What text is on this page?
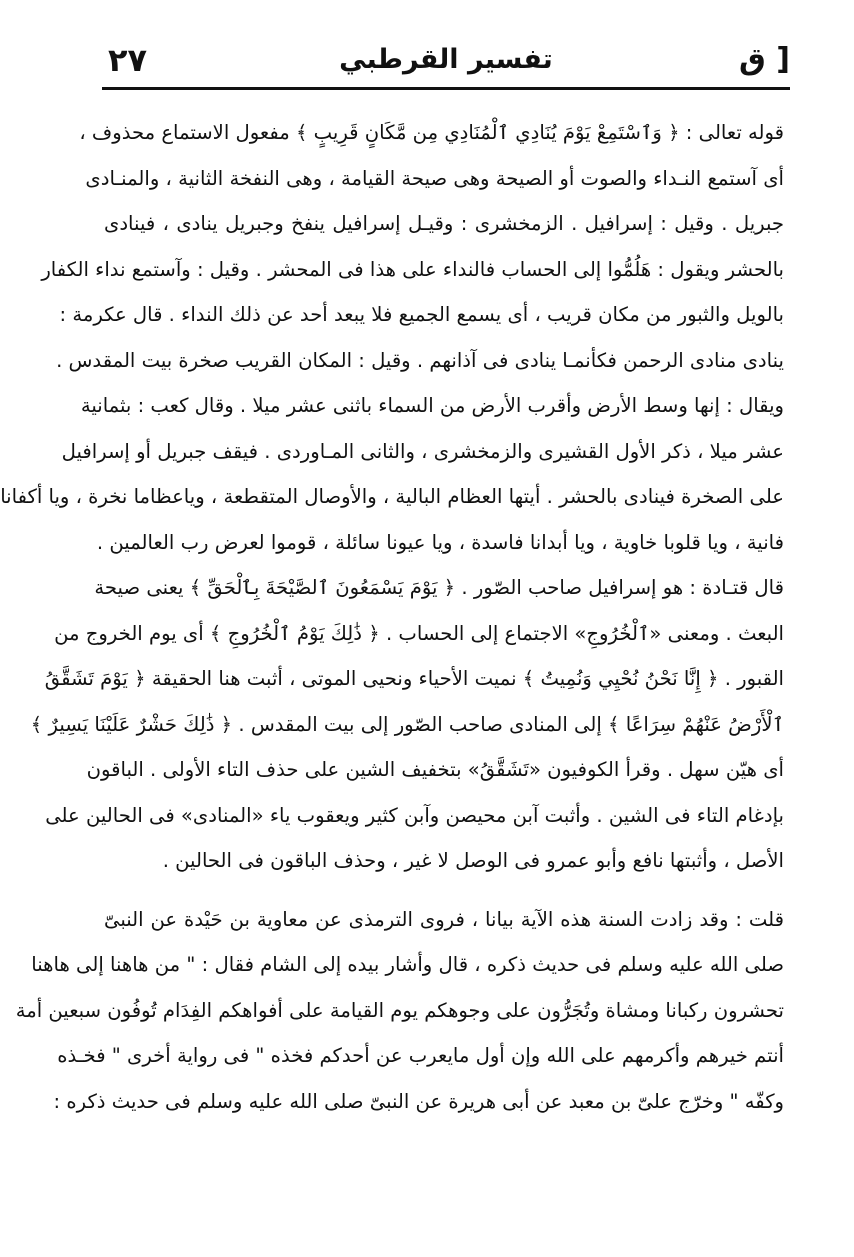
ق ]
تفسير القرطبي
٢٧
قوله تعالى : ﴿ وَٱسْتَمِعْ يَوْمَ يُنَادِي ٱلْمُنَادِي مِن مَّكَانٍ قَرِيبٍ ﴾ مفعول الاستماع محذوف ،
أى آستمع النـداء والصوت أو الصيحة وهى صيحة القيامة ، وهى النفخة الثانية ، والمنـادى
جبريل . وقيل : إسرافيل . الزمخشرى : وقيـل إسرافيل ينفخ وجبريل ينادى ، فينادى
بالحشر ويقول : هَلُمُّوا إلى الحساب فالنداء على هذا فى المحشر . وقيل : وآستمع نداء الكفار
بالويل والثبور من مكان قريب ، أى يسمع الجميع فلا يبعد أحد عن ذلك النداء . قال عكرمة :
ينادى منادى الرحمن فكأنمـا ينادى فى آذانهم . وقيل : المكان القريب صخرة بيت المقدس .
ويقال : إنها وسط الأرض وأقرب الأرض من السماء باثنى عشر ميلا . وقال كعب : بثمانية
عشر ميلا ، ذكر الأول القشيرى والزمخشرى ، والثانى المـاوردى . فيقف جبريل أو إسرافيل
على الصخرة فينادى بالحشر . أيتها العظام البالية ، والأوصال المتقطعة ، وياعظاما نخرة ، ويا أكفانا
فانية ، ويا قلوبا خاوية ، ويا أبدانا فاسدة ، ويا عيونا سائلة ، قوموا لعرض رب العالمين .
قال قتـادة : هو إسرافيل صاحب الصّور . ﴿ يَوْمَ يَسْمَعُونَ ٱلصَّيْحَةَ بِٱلْحَقِّ ﴾ يعنى صيحة
البعث . ومعنى «ٱلْخُرُوجِ» الاجتماع إلى الحساب . ﴿ ذَٰلِكَ يَوْمُ ٱلْخُرُوجِ ﴾ أى يوم الخروج من
القبور . ﴿ إِنَّا نَحْنُ نُحْيِي وَنُمِيتُ ﴾ نميت الأحياء ونحيى الموتى ، أثبت هنا الحقيقة ﴿ يَوْمَ تَشَقَّقُ
ٱلْأَرْضُ عَنْهُمْ سِرَاعًا ﴾ إلى المنادى صاحب الصّور إلى بيت المقدس . ﴿ ذَٰلِكَ حَشْرٌ عَلَيْنَا يَسِيرٌ ﴾
أى هيّن سهل . وقرأ الكوفيون «تَشَقَّقُ» بتخفيف الشين على حذف التاء الأولى . الباقون
بإدغام التاء فى الشين . وأثبت آبن محيصن وآبن كثير ويعقوب ياء «المنادى» فى الحالين على
الأصل ، وأثبتها نافع وأبو عمرو فى الوصل لا غير ، وحذف الباقون فى الحالين .
قلت : وقد زادت السنة هذه الآية بيانا ، فروى الترمذى عن معاوية بن حَيْدة عن النبىّ
صلى الله عليه وسلم فى حديث ذكره ، قال وأشار بيده إلى الشام فقال : " من هاهنا إلى هاهنا
تحشرون ركبانا ومشاة وتُجَرُّون على وجوهكم يوم القيامة على أفواهكم الفِدَام تُوفُون سبعين أمة
أنتم خيرهم وأكرمهم على الله وإن أول مايعرب عن أحدكم فخذه " فى رواية أخرى " فخـذه
وكفّه " وخرّج علىّ بن معبد عن أبى هريرة عن النبىّ صلى الله عليه وسلم فى حديث ذكره :
